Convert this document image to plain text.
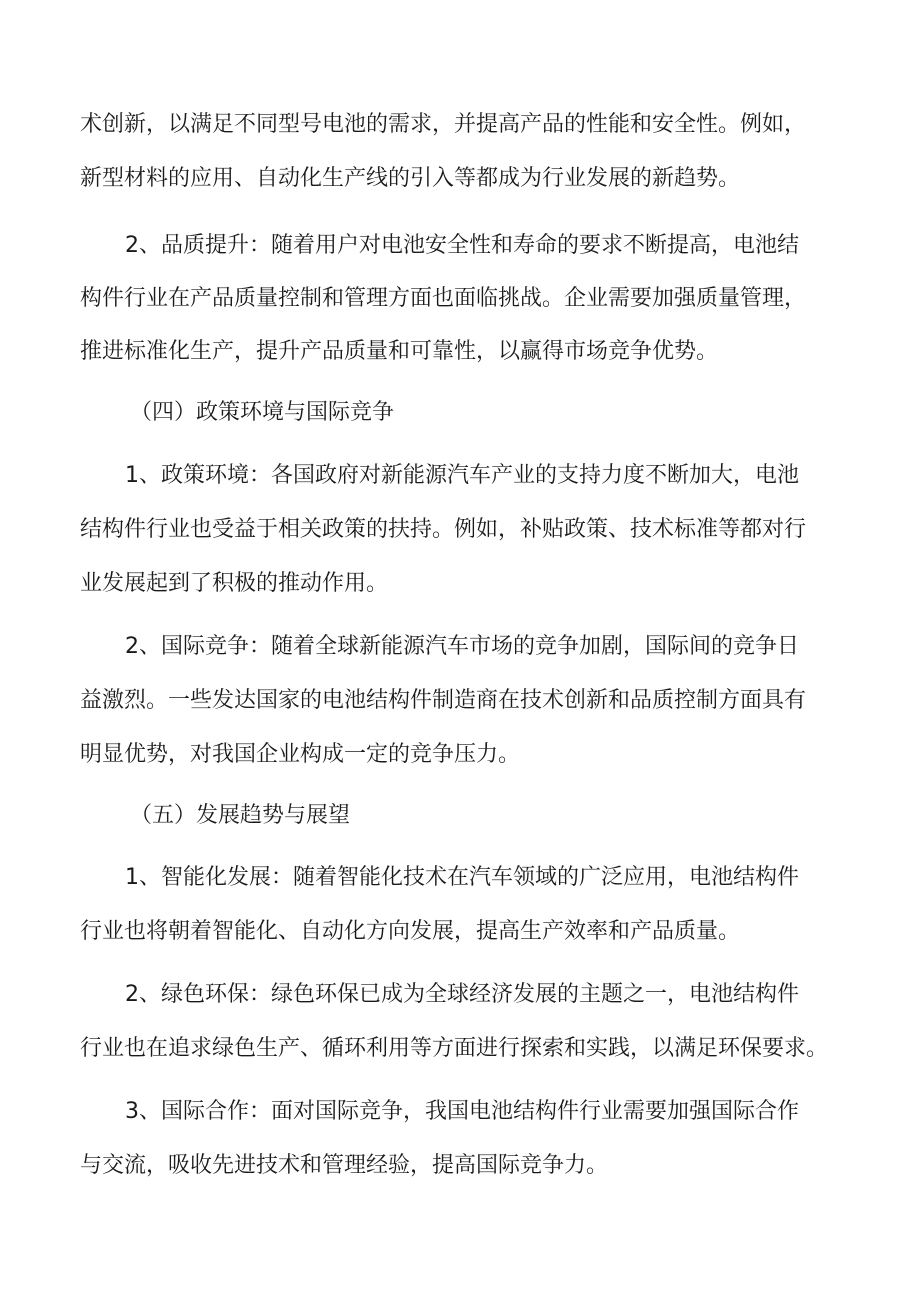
术创新，以满足不同型号电池的需求，并提高产品的性能和安全性。例如，
新型材料的应用、自动化生产线的引入等都成为行业发展的新趋势。
2、品质提升：随着用户对电池安全性和寿命的要求不断提高，电池结
构件行业在产品质量控制和管理方面也面临挑战。企业需要加强质量管理，
推进标准化生产，提升产品质量和可靠性，以赢得市场竞争优势。
（四）政策环境与国际竞争
1、政策环境：各国政府对新能源汽车产业的支持力度不断加大，电池
结构件行业也受益于相关政策的扶持。例如，补贴政策、技术标准等都对行
业发展起到了积极的推动作用。
2、国际竞争：随着全球新能源汽车市场的竞争加剧，国际间的竞争日
益激烈。一些发达国家的电池结构件制造商在技术创新和品质控制方面具有
明显优势，对我国企业构成一定的竞争压力。
（五）发展趋势与展望
1、智能化发展：随着智能化技术在汽车领域的广泛应用，电池结构件
行业也将朝着智能化、自动化方向发展，提高生产效率和产品质量。
2、绿色环保：绿色环保已成为全球经济发展的主题之一，电池结构件
行业也在追求绿色生产、循环利用等方面进行探索和实践，以满足环保要求。
3、国际合作：面对国际竞争，我国电池结构件行业需要加强国际合作
与交流，吸收先进技术和管理经验，提高国际竞争力。
